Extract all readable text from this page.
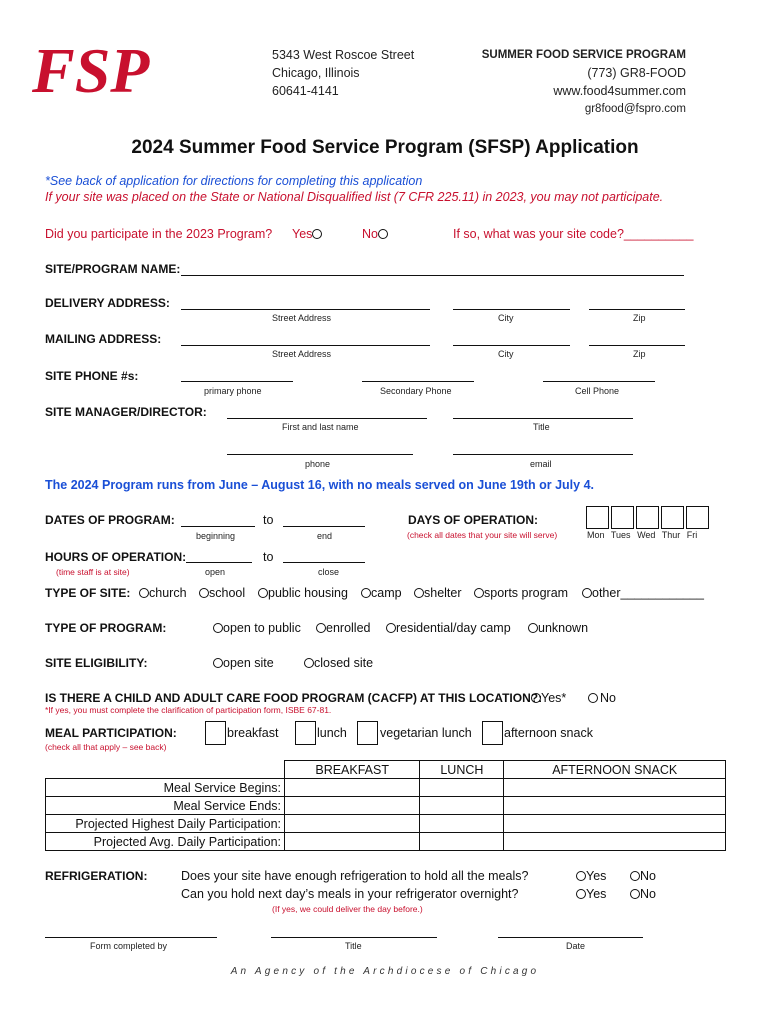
FSP	5343 West Roscoe Street
Chicago, Illinois
60641-4141
SUMMER FOOD SERVICE PROGRAM
(773) GR8-FOOD
www.food4summer.com
gr8food@fspro.com
2024 Summer Food Service Program (SFSP) Application
*See back of application for directions for completing this application
If your site was placed on the State or National Disqualified list (7 CFR 225.11) in 2023, you may not participate.
Did you participate in the 2023 Program? Yes	No	If so, what was your site code?__________
SITE/PROGRAM NAME:
DELIVERY ADDRESS:
Street Address	City	Zip
MAILING ADDRESS:
Street Address	City	Zip
SITE PHONE #s:
primary phone	Secondary Phone	Cell Phone
SITE MANAGER/DIRECTOR:
First and last name	Title
phone	email
The 2024 Program runs from June – August 16, with no meals served on June 19th or July 4.
DATES OF PROGRAM:	to
beginning	end
DAYS OF OPERATION:
(check all dates that your site will serve)	Mon Tues Wed Thur Fri
HOURS OF OPERATION:	to
(time staff is at site)	open	close
TYPE OF SITE:	church	school	public housing	camp	shelter	sports program	other____________
TYPE OF PROGRAM:	open to public	enrolled	residential/day camp	unknown
SITE ELIGIBILITY:	open site	closed site
IS THERE A CHILD AND ADULT CARE FOOD PROGRAM (CACFP) AT THIS LOCATION?:
Yes*	No
*If yes, you must complete the clarification of participation form, ISBE 67-81.
MEAL PARTICIPATION:
(check all that apply – see back)
breakfast	lunch	vegetarian lunch	afternoon snack
	BREAKFAST	LUNCH	AFTERNOON SNACK
Meal Service Begins:			
Meal Service Ends:			
Projected Highest Daily Participation:			
Projected Avg. Daily Participation:			
REFRIGERATION:	Does your site have enough refrigeration to hold all the meals?
Can you hold next day’s meals in your refrigerator overnight?
Yes	No
Yes	No
(If yes, we could deliver the day before.)
Form completed by	Title	Date
An Agency of the Archdiocese of Chicago
